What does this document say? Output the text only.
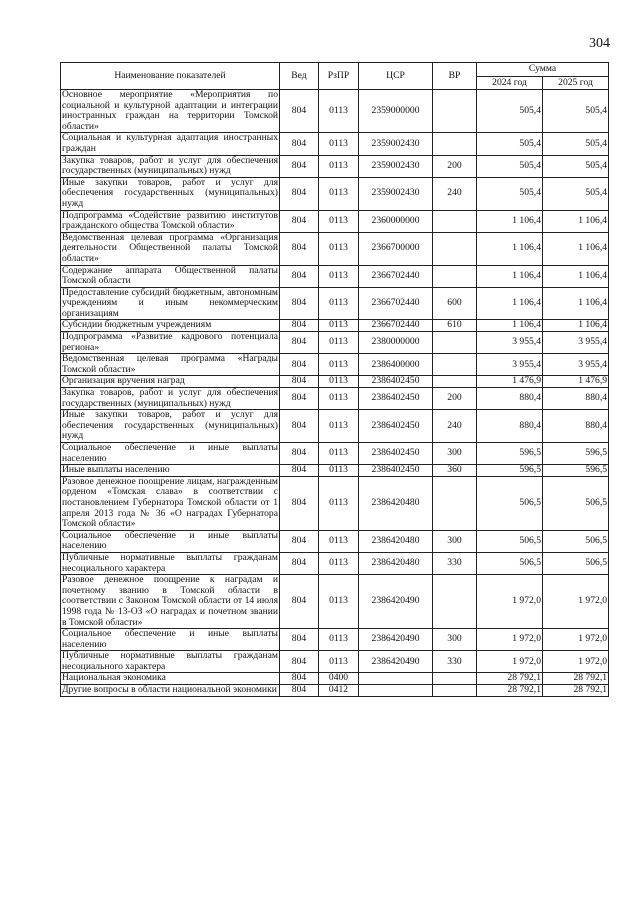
304
Наименование показателей	Вед	РзПР	ЦСР	ВР	Сумма	
					2024 год	2025 год
Основное мероприятие «Мероприятия по социальной и культурной адаптации и интеграции иностранных граждан на территории Томской области»	804	0113	2359000000		505,4	505,4
Социальная и культурная адаптация иностранных граждан	804	0113	2359002430		505,4	505,4
Закупка товаров, работ и услуг для обеспечения государственных (муниципальных) нужд	804	0113	2359002430	200	505,4	505,4
Иные закупки товаров, работ и услуг для обеспечения государственных (муниципальных) нужд	804	0113	2359002430	240	505,4	505,4
Подпрограмма «Содействие развитию институтов гражданского общества Томской области»	804	0113	2360000000		1 106,4	1 106,4
Ведомственная целевая программа «Организация деятельности Общественной палаты Томской области»	804	0113	2366700000		1 106,4	1 106,4
Содержание аппарата Общественной палаты Томской области	804	0113	2366702440		1 106,4	1 106,4
Предоставление субсидий бюджетным, автономным учреждениям и иным некоммерческим организациям	804	0113	2366702440	600	1 106,4	1 106,4
Субсидии бюджетным учреждениям	804	0113	2366702440	610	1 106,4	1 106,4
Подпрограмма «Развитие кадрового потенциала региона»	804	0113	2380000000		3 955,4	3 955,4
Ведомственная целевая программа «Награды Томской области»	804	0113	2386400000		3 955,4	3 955,4
Организация вручения наград	804	0113	2386402450		1 476,9	1 476,9
Закупка товаров, работ и услуг для обеспечения государственных (муниципальных) нужд	804	0113	2386402450	200	880,4	880,4
Иные закупки товаров, работ и услуг для обеспечения государственных (муниципальных) нужд	804	0113	2386402450	240	880,4	880,4
Социальное обеспечение и иные выплаты населению	804	0113	2386402450	300	596,5	596,5
Иные выплаты населению	804	0113	2386402450	360	596,5	596,5
Разовое денежное поощрение лицам, награжденным орденом «Томская слава» в соответствии с постановлением Губернатора Томской области от 1 апреля 2013 года № 36 «О наградах Губернатора Томской области»	804	0113	2386420480		506,5	506,5
Социальное обеспечение и иные выплаты населению	804	0113	2386420480	300	506,5	506,5
Публичные нормативные выплаты гражданам несоциального характера	804	0113	2386420480	330	506,5	506,5
Разовое денежное поощрение к наградам и почетному званию в Томской области в соответствии с Законом Томской области от 14 июля 1998 года № 13-ОЗ «О наградах и почетном звании в Томской области»	804	0113	2386420490		1 972,0	1 972,0
Социальное обеспечение и иные выплаты населению	804	0113	2386420490	300	1 972,0	1 972,0
Публичные нормативные выплаты гражданам несоциального характера	804	0113	2386420490	330	1 972,0	1 972,0
Национальная экономика	804	0400			28 792,1	28 792,1
Другие вопросы в области национальной экономики	804	0412			28 792,1	28 792,1
